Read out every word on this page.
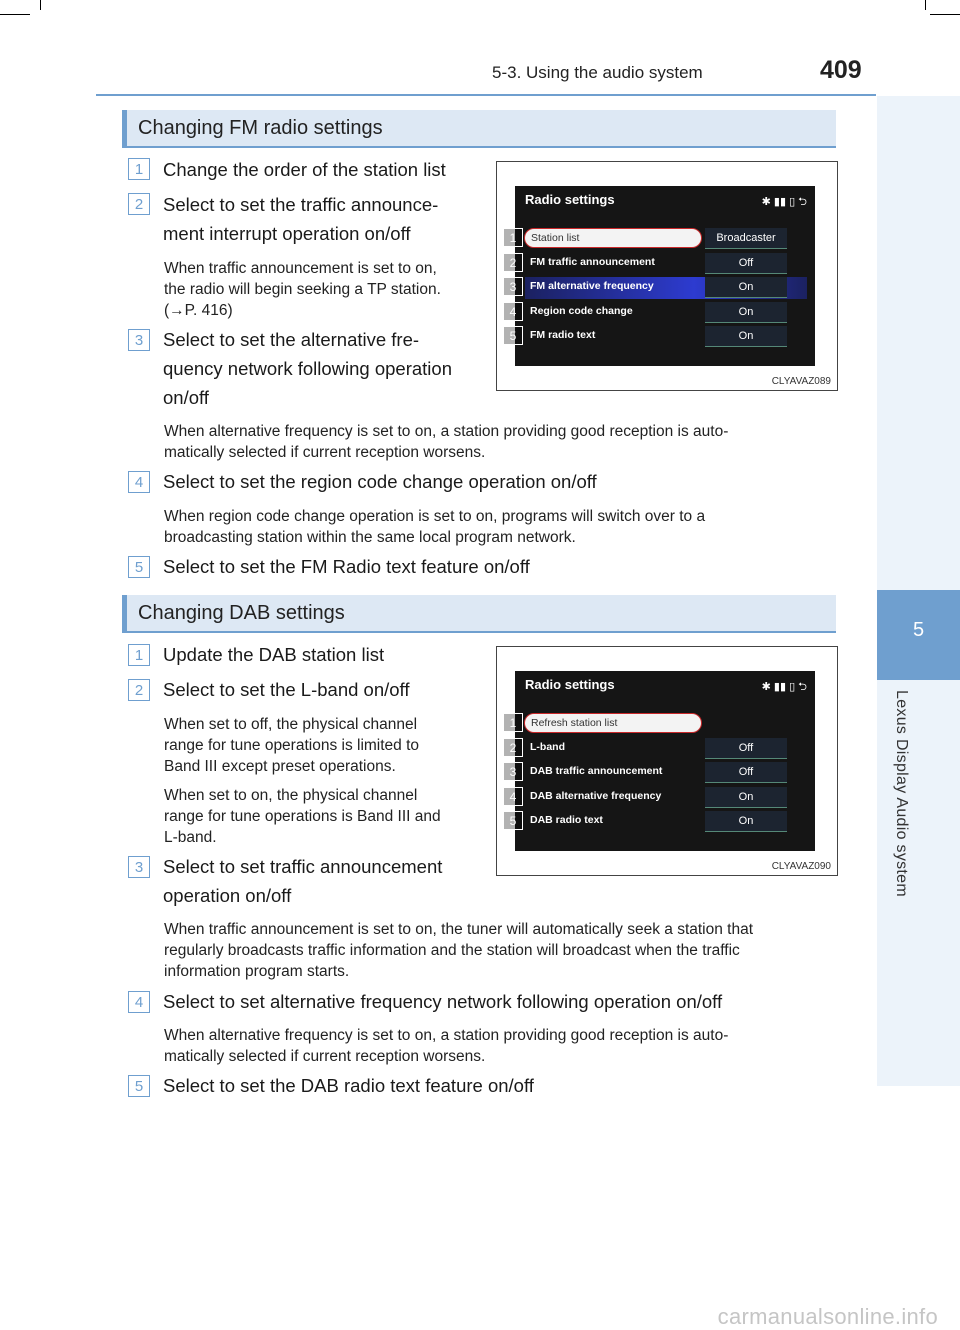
5-3. Using the audio system	409
5
Lexus Display Audio system
Changing FM radio settings
1	Change the order of the station list
2	Select to set the traffic announce-
ment interrupt operation on/off
When traffic announcement is set to on,
the radio will begin seeking a TP station.
(→P. 416)
3	Select to set the alternative fre-
quency network following operation
on/off
When alternative frequency is set to on, a station providing good reception is auto-
matically selected if current reception worsens.
4	Select to set the region code change operation on/off
When region code change operation is set to on, programs will switch over to a
broadcasting station within the same local program network.
5	Select to set the FM Radio text feature on/off
Radio settings	✱ ▮▮ ▯ ⮌
Station list	Broadcaster
FM traffic announcement	Off
FM alternative frequency	On
Region code change	On
FM radio text	On
1
2
3
4
5
CLYAVAZ089
Changing DAB settings
1	Update the DAB station list
2	Select to set the L-band on/off
When set to off, the physical channel
range for tune operations is limited to
Band III except preset operations.
When set to on, the physical channel
range for tune operations is Band III and
L-band.
3	Select to set traffic announcement
operation on/off
When traffic announcement is set to on, the tuner will automatically seek a station that
regularly broadcasts traffic information and the station will broadcast when the traffic
information program starts.
4	Select to set alternative frequency network following operation on/off
When alternative frequency is set to on, a station providing good reception is auto-
matically selected if current reception worsens.
5	Select to set the DAB radio text feature on/off
Radio settings	✱ ▮▮ ▯ ⮌
Refresh station list
L-band	Off
DAB traffic announcement	Off
DAB alternative frequency	On
DAB radio text	On
1
2
3
4
5
CLYAVAZ090
carmanualsonline.info
